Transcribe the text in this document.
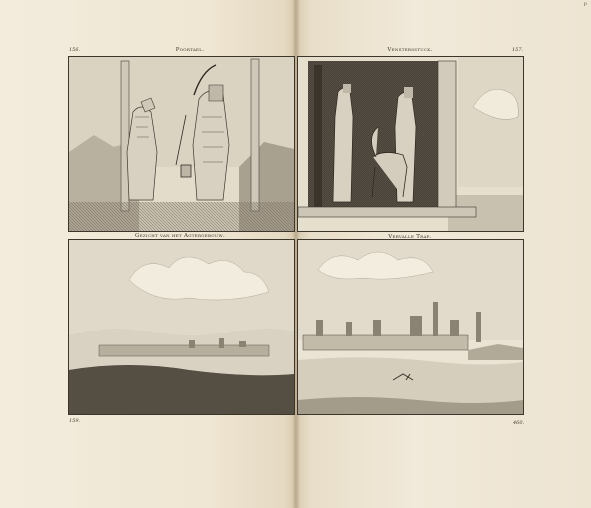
p
156.	157.
159.	460.
Poortael.	Venstersstuck.
Gezicht van het Agtergebouw.	Vervalle Trap.
